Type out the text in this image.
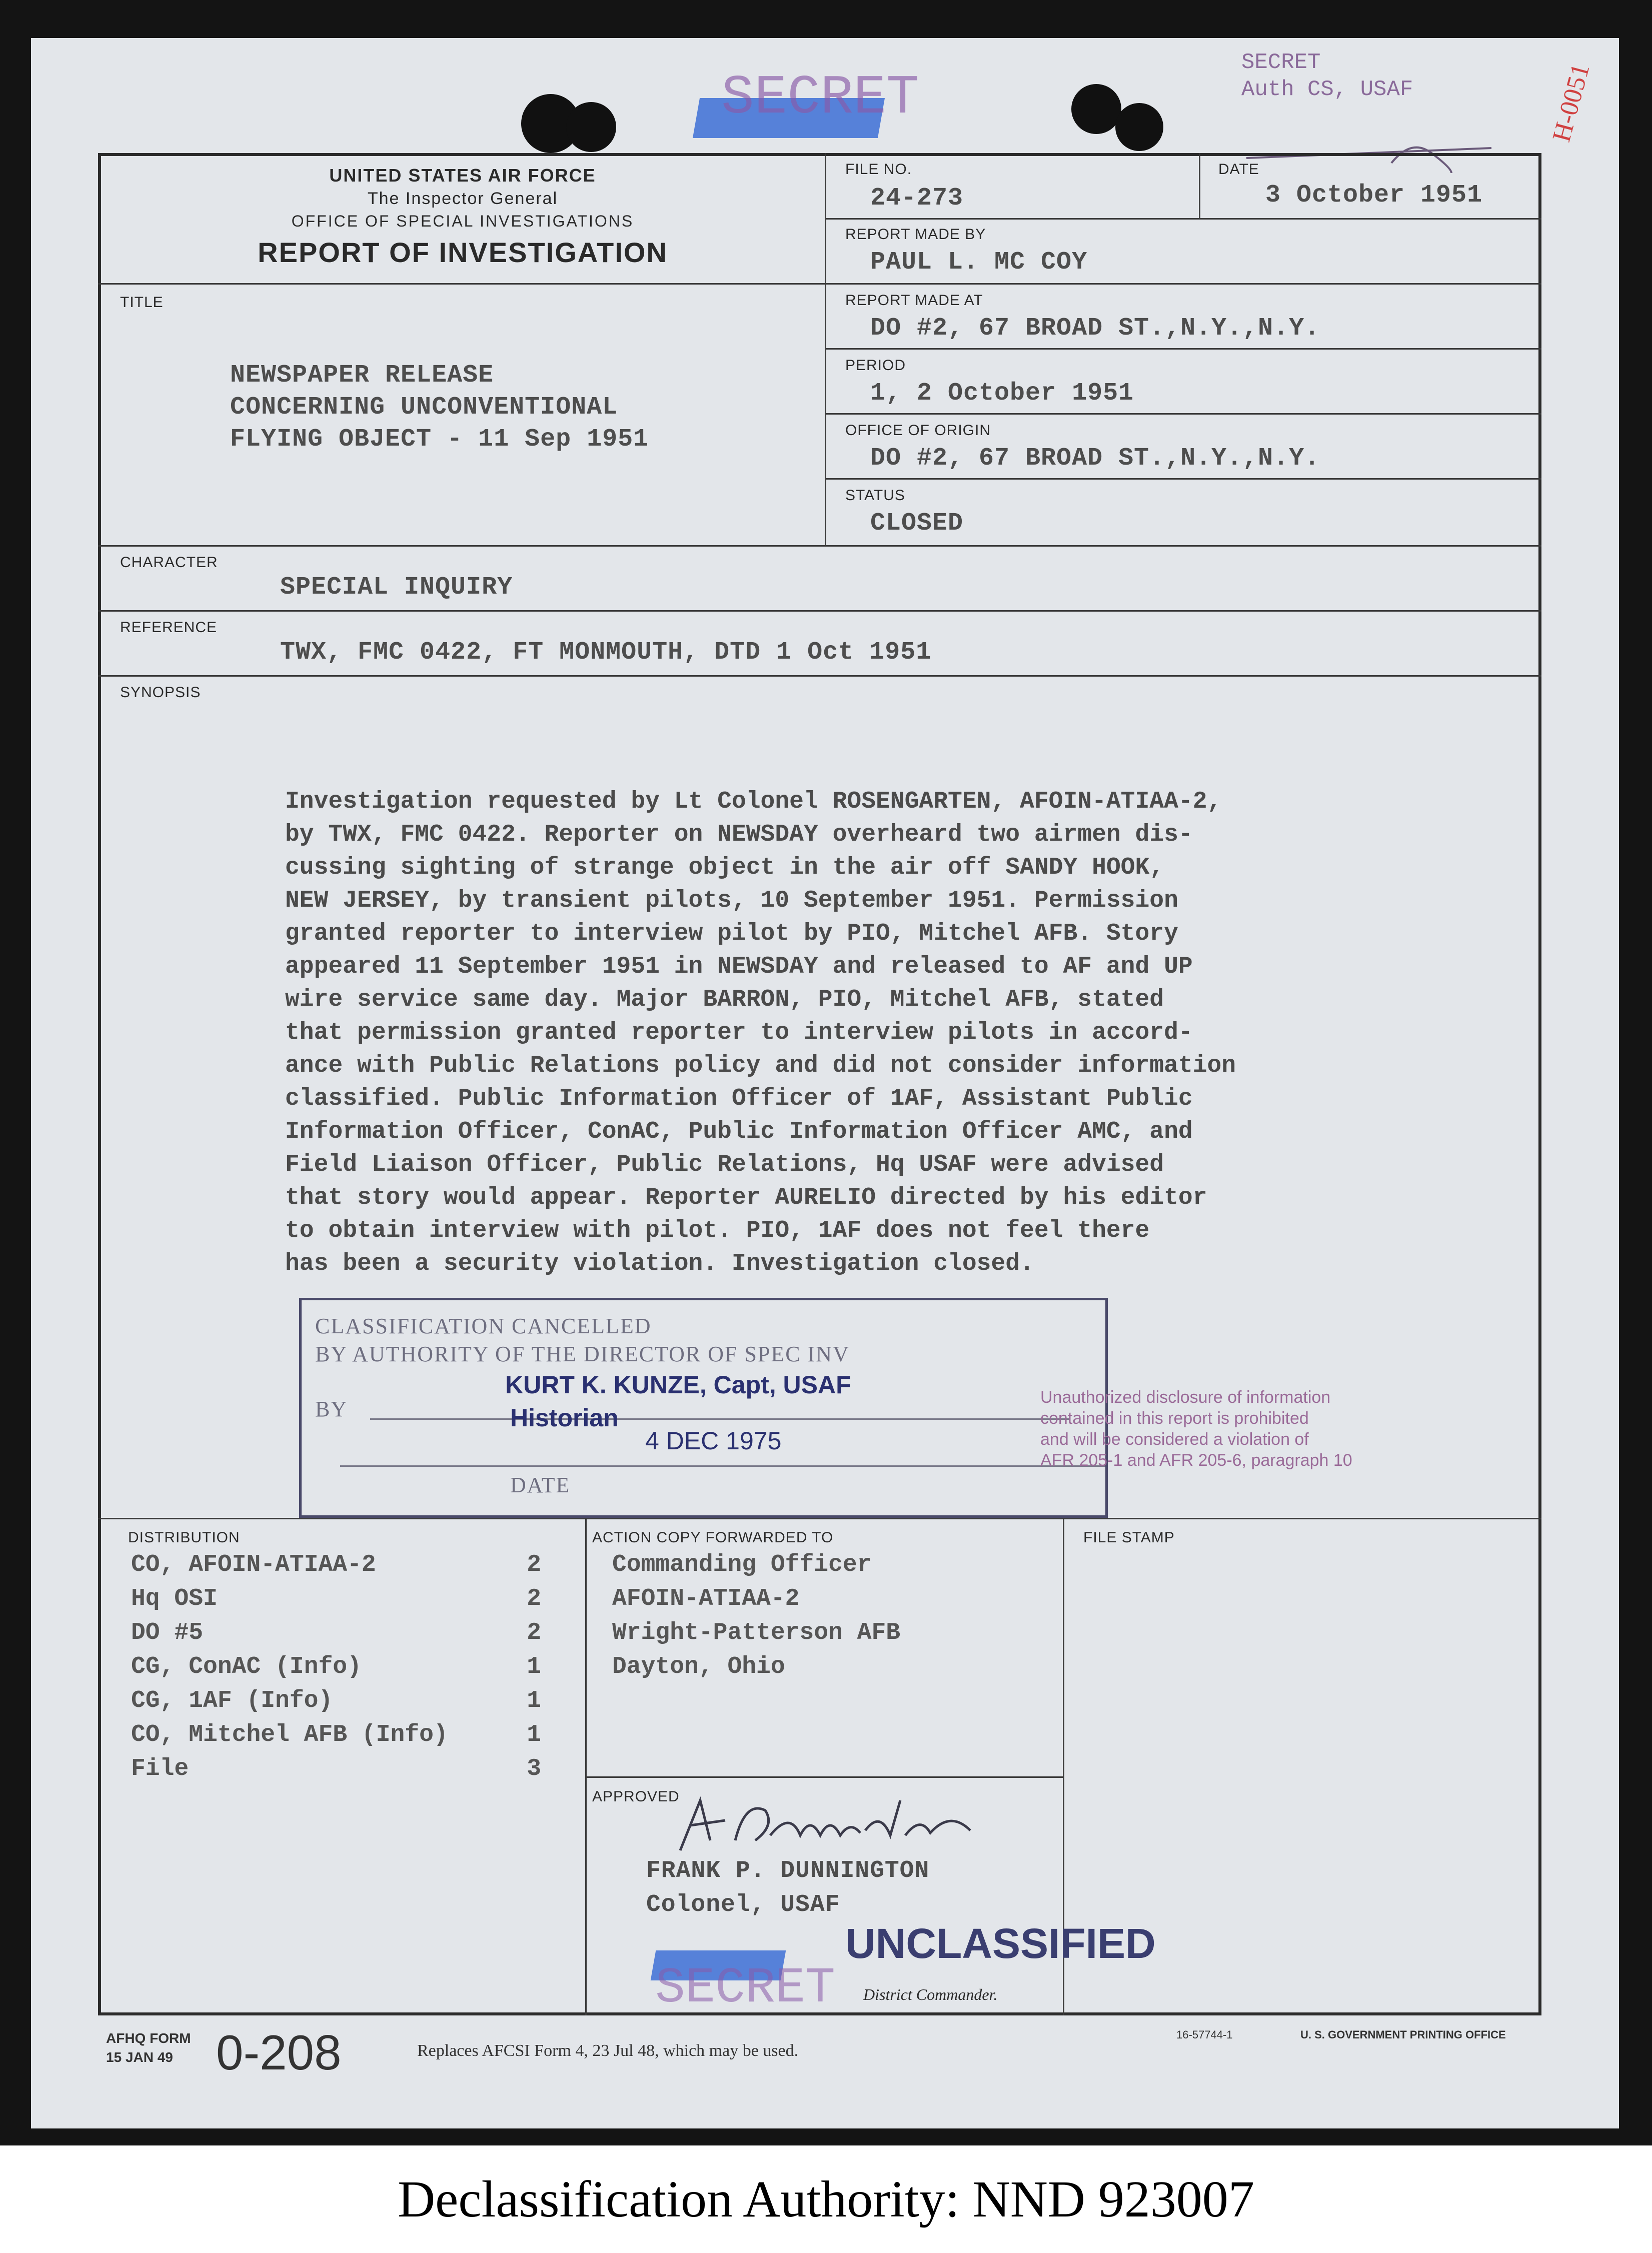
SECRET
SECRET
Auth CS, USAF	H-0051
UNITED STATES AIR FORCE
The Inspector General
OFFICE OF SPECIAL INVESTIGATIONS
REPORT OF INVESTIGATION
FILE NO.
24-273
DATE
3 October 1951
REPORT MADE BY
PAUL L. MC COY
REPORT MADE AT
DO #2, 67 BROAD ST.,N.Y.,N.Y.
PERIOD
1, 2 October 1951
OFFICE OF ORIGIN
DO #2, 67 BROAD ST.,N.Y.,N.Y.
STATUS
CLOSED
TITLE
NEWSPAPER RELEASE
CONCERNING UNCONVENTIONAL
FLYING OBJECT - 11 Sep 1951
CHARACTER
SPECIAL INQUIRY
REFERENCE
TWX, FMC 0422, FT MONMOUTH, DTD 1 Oct 1951
SYNOPSIS
Investigation requested by Lt Colonel ROSENGARTEN, AFOIN-ATIAA-2,
by TWX, FMC 0422. Reporter on NEWSDAY overheard two airmen dis-
cussing sighting of strange object in the air off SANDY HOOK,
NEW JERSEY, by transient pilots, 10 September 1951. Permission
granted reporter to interview pilot by PIO, Mitchel AFB. Story
appeared 11 September 1951 in NEWSDAY and released to AF and UP
wire service same day. Major BARRON, PIO, Mitchel AFB, stated
that permission granted reporter to interview pilots in accord-
ance with Public Relations policy and did not consider information
classified. Public Information Officer of 1AF, Assistant Public
Information Officer, ConAC, Public Information Officer AMC, and
Field Liaison Officer, Public Relations, Hq USAF were advised
that story would appear. Reporter AURELIO directed by his editor
to obtain interview with pilot. PIO, 1AF does not feel there
has been a security violation. Investigation closed.
CLASSIFICATION CANCELLED
BY AUTHORITY OF THE DIRECTOR OF SPEC INV
BY
KURT K. KUNZE, Capt, USAF
Historian
4 DEC 1975
DATE
Unauthorized disclosure of information
contained in this report is prohibited
and will be considered a violation of
AFR 205-1 and AFR 205-6, paragraph 10
DISTRIBUTION
CO, AFOIN-ATIAA-2	2
Hq OSI	2
DO #5	2
CG, ConAC (Info)	1
CG, 1AF (Info)	1
CO, Mitchel AFB (Info)	1
File	3
ACTION COPY FORWARDED TO
Commanding Officer
AFOIN-ATIAA-2
Wright-Patterson AFB
Dayton, Ohio
FILE STAMP
APPROVED
FRANK P. DUNNINGTON
Colonel, USAF
UNCLASSIFIED
SECRET District Commander.
AFHQ FORM
15 JAN 49 0-208	Replaces AFCSI Form 4, 23 Jul 48, which may be used.
16-57744-1	U. S. GOVERNMENT PRINTING OFFICE
Declassification Authority: NND 923007
